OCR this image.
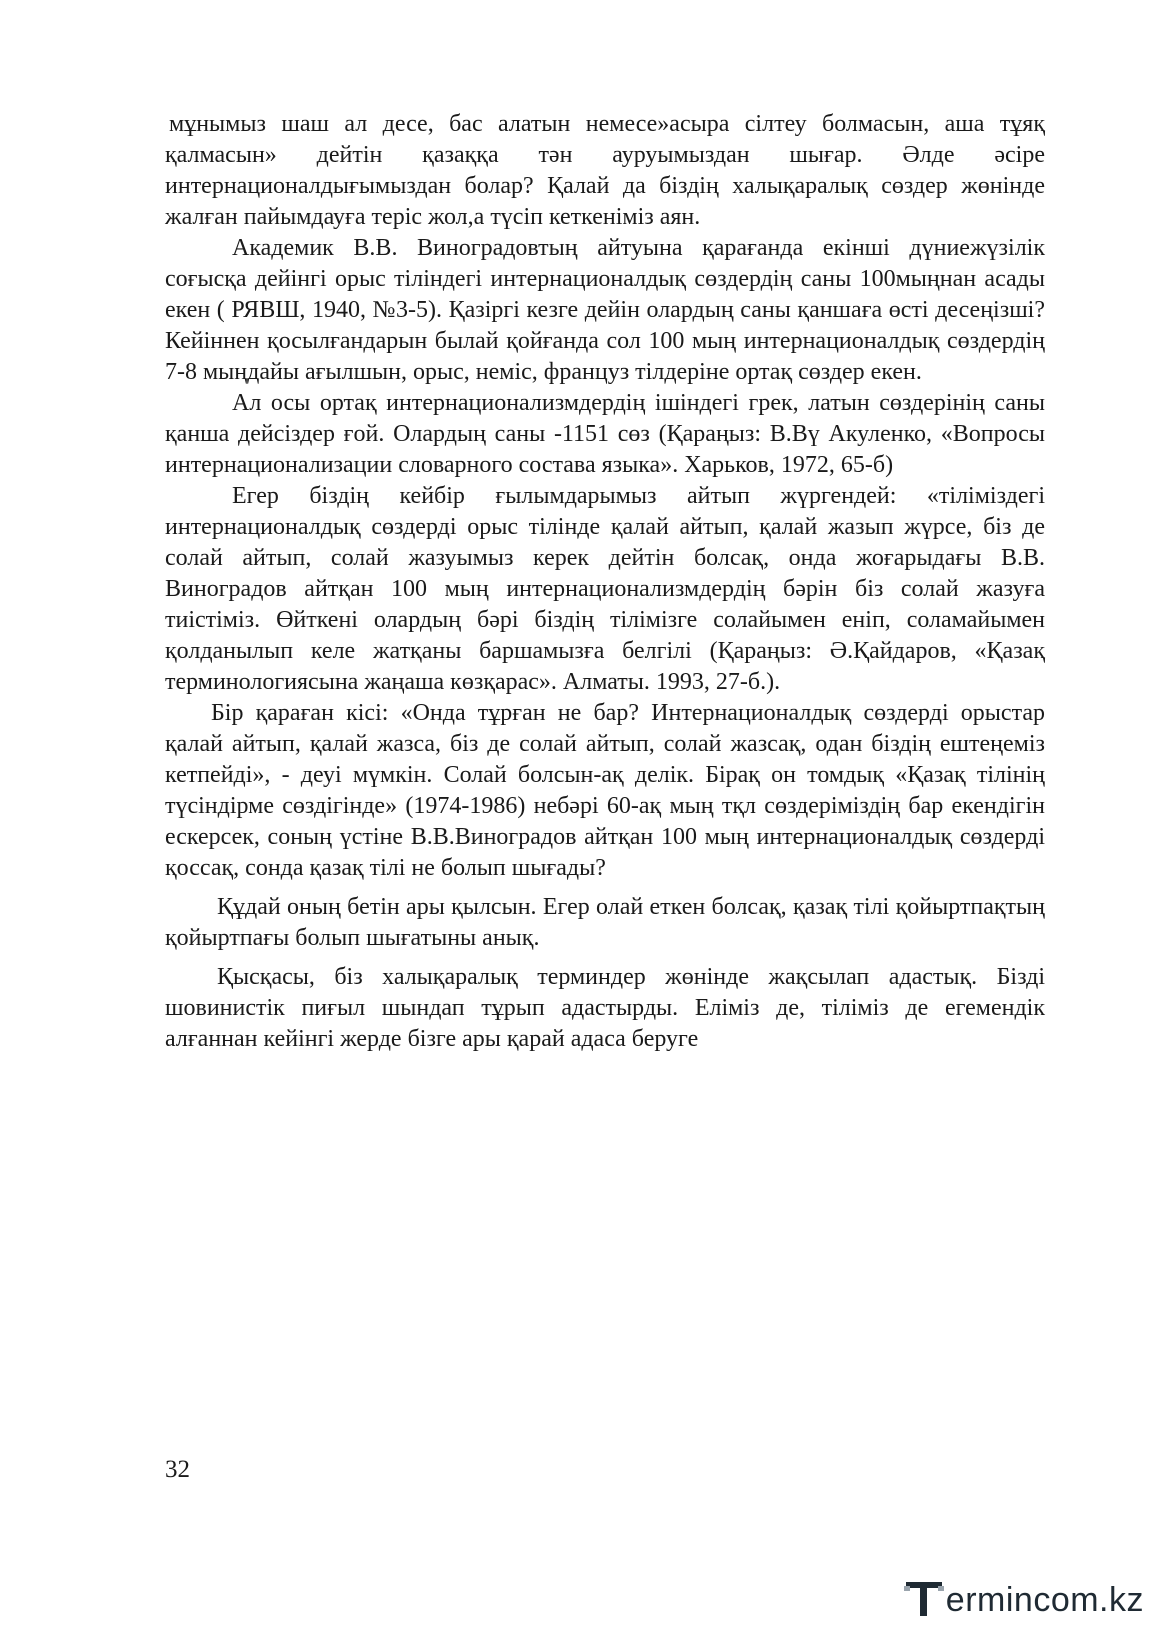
мұнымыз шаш ал десе, бас алатын немесе»асыра сілтеу болмасын, аша тұяқ қалмасын» дейтін қазаққа тән ауруымыздан шығар. Әлде әсіре интернационалдығымыздан болар? Қалай да біздің халықаралық сөздер жөнінде жалған пайымдауға теріс жол,а түсіп кеткеніміз аян.

Академик В.В. Виноградовтың айтуына қарағанда екінші дүниежүзілік соғысқа дейінгі орыс тіліндегі интернационалдық сөздердің саны 100мыңнан асады екен ( РЯВШ, 1940, №3-5). Қазіргі кезге дейін олардың саны қаншаға өсті десеңізші? Кейіннен қосылғандарын былай қойғанда сол 100 мың интернационалдық сөздердің 7-8 мыңдайы ағылшын, орыс, неміс, француз тілдеріне ортақ сөздер екен.

Ал осы ортақ интернационализмдердің ішіндегі грек, латын сөздерінің саны қанша дейсіздер ғой. Олардың саны -1151 сөз (Қараңыз: В.Вү Акуленко, «Вопросы интернационализации словарного состава языка». Харьков, 1972, 65-б)

Егер біздің кейбір ғылымдарымыз айтып жүргендей: «тіліміздегі интернационалдық сөздерді орыс тілінде қалай айтып, қалай жазып жүрсе, біз де солай айтып, солай жазуымыз керек дейтін болсақ, онда жоғарыдағы В.В. Виноградов айтқан 100 мың интернационализмдердің бәрін біз солай жазуға тиістіміз. Өйткені олардың бәрі біздің тілімізге солайымен еніп, соламайымен қолданылып келе жатқаны баршамызға белгілі (Қараңыз: Ә.Қайдаров, «Қазақ терминологиясына жаңаша көзқарас». Алматы. 1993, 27-б.).

Бір қараған кісі: «Онда тұрған не бар? Интернационалдық сөздерді орыстар қалай айтып, қалай жазса, біз де солай айтып, солай жазсақ, одан біздің ештеңеміз кетпейді», - деуі мүмкін. Солай болсын-ақ делік. Бірақ он томдық «Қазақ тілінің түсіндірме сөздігінде» (1974-1986) небәрі 60-ақ мың тқл сөздеріміздің бар екендігін ескерсек, соның үстіне В.В.Виноградов айтқан 100 мың интернационалдық сөздерді қоссақ, сонда қазақ тілі не болып шығады?

Құдай оның бетін ары қылсын. Егер олай еткен болсақ, қазақ тілі қойыртпақтың қойыртпағы болып шығатыны анық.

Қысқасы, біз халықаралық терминдер жөнінде жақсылап адастық. Бізді шовинистік пиғыл шындап тұрып адастырды. Еліміз де, тіліміз де егемендік алғаннан кейінгі жерде бізге ары қарай адаса беруге

32
ermincom.kz
